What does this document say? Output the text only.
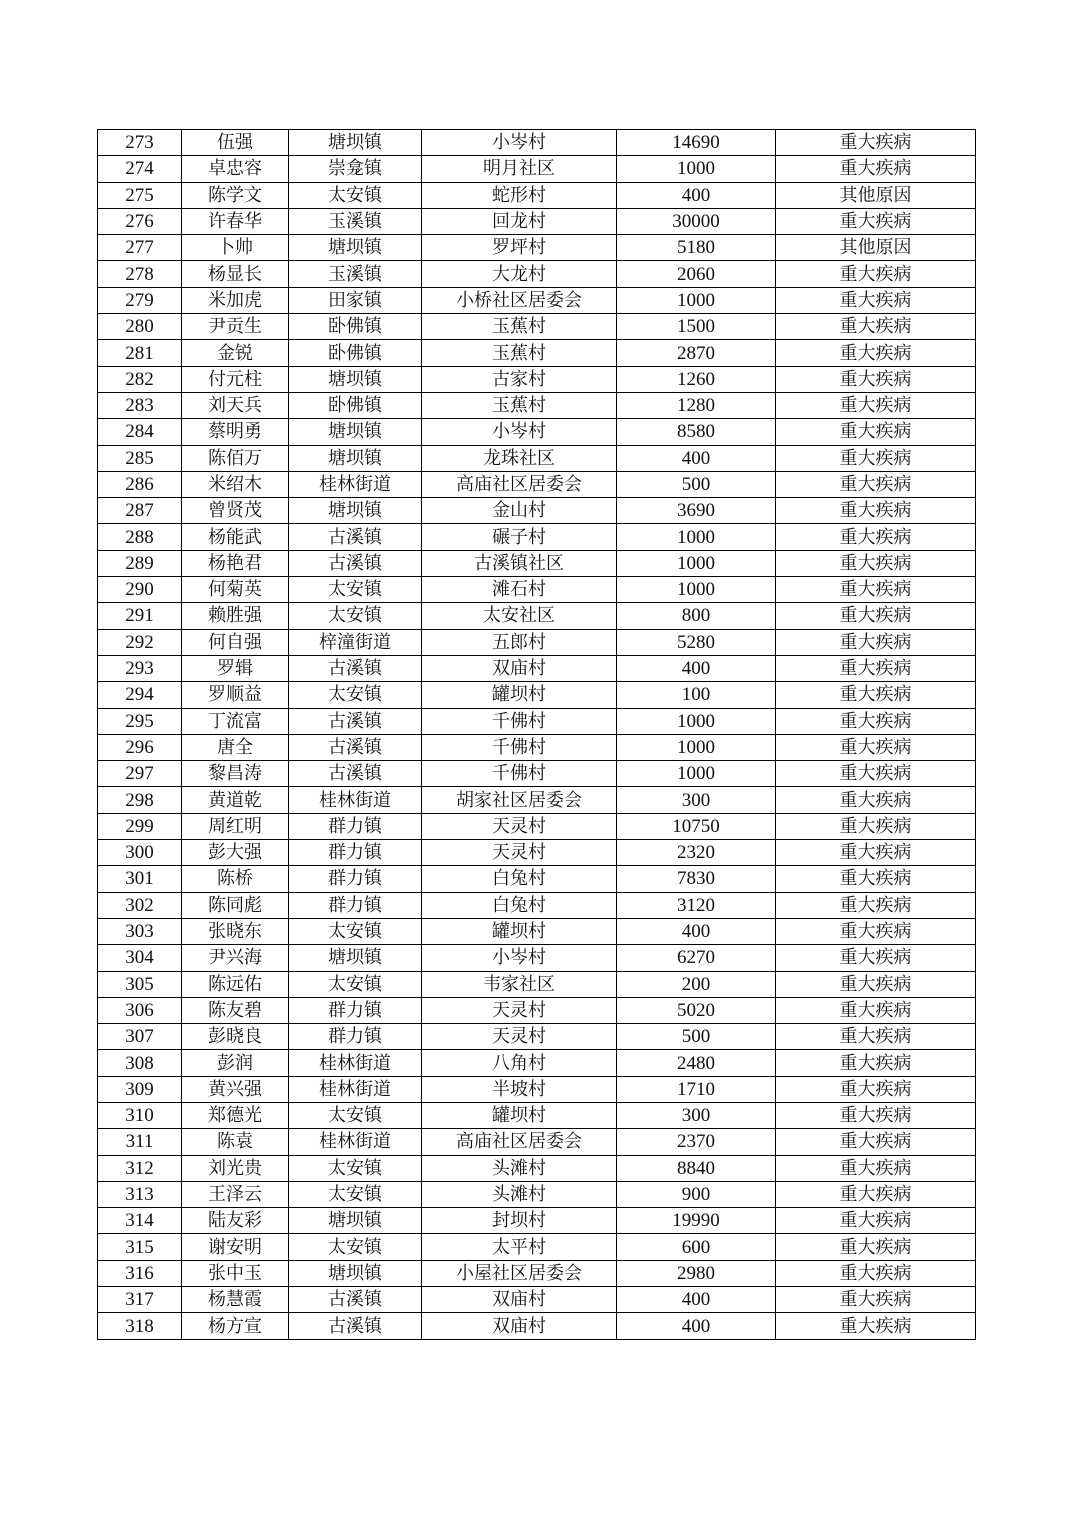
273	伍强	塘坝镇	小岑村	14690	重大疾病
274	卓忠容	崇龛镇	明月社区	1000	重大疾病
275	陈学文	太安镇	蛇形村	400	其他原因
276	许春华	玉溪镇	回龙村	30000	重大疾病
277	卜帅	塘坝镇	罗坪村	5180	其他原因
278	杨显长	玉溪镇	大龙村	2060	重大疾病
279	米加虎	田家镇	小桥社区居委会	1000	重大疾病
280	尹贡生	卧佛镇	玉蕉村	1500	重大疾病
281	金锐	卧佛镇	玉蕉村	2870	重大疾病
282	付元柱	塘坝镇	古家村	1260	重大疾病
283	刘天兵	卧佛镇	玉蕉村	1280	重大疾病
284	蔡明勇	塘坝镇	小岑村	8580	重大疾病
285	陈佰万	塘坝镇	龙珠社区	400	重大疾病
286	米绍木	桂林街道	高庙社区居委会	500	重大疾病
287	曾贤茂	塘坝镇	金山村	3690	重大疾病
288	杨能武	古溪镇	碾子村	1000	重大疾病
289	杨艳君	古溪镇	古溪镇社区	1000	重大疾病
290	何菊英	太安镇	滩石村	1000	重大疾病
291	赖胜强	太安镇	太安社区	800	重大疾病
292	何自强	梓潼街道	五郎村	5280	重大疾病
293	罗辑	古溪镇	双庙村	400	重大疾病
294	罗顺益	太安镇	罐坝村	100	重大疾病
295	丁流富	古溪镇	千佛村	1000	重大疾病
296	唐全	古溪镇	千佛村	1000	重大疾病
297	黎昌涛	古溪镇	千佛村	1000	重大疾病
298	黄道乾	桂林街道	胡家社区居委会	300	重大疾病
299	周红明	群力镇	天灵村	10750	重大疾病
300	彭大强	群力镇	天灵村	2320	重大疾病
301	陈桥	群力镇	白兔村	7830	重大疾病
302	陈同彪	群力镇	白兔村	3120	重大疾病
303	张晓东	太安镇	罐坝村	400	重大疾病
304	尹兴海	塘坝镇	小岑村	6270	重大疾病
305	陈远佑	太安镇	韦家社区	200	重大疾病
306	陈友碧	群力镇	天灵村	5020	重大疾病
307	彭晓良	群力镇	天灵村	500	重大疾病
308	彭润	桂林街道	八角村	2480	重大疾病
309	黄兴强	桂林街道	半坡村	1710	重大疾病
310	郑德光	太安镇	罐坝村	300	重大疾病
311	陈袁	桂林街道	高庙社区居委会	2370	重大疾病
312	刘光贵	太安镇	头滩村	8840	重大疾病
313	王泽云	太安镇	头滩村	900	重大疾病
314	陆友彩	塘坝镇	封坝村	19990	重大疾病
315	谢安明	太安镇	太平村	600	重大疾病
316	张中玉	塘坝镇	小屋社区居委会	2980	重大疾病
317	杨慧霞	古溪镇	双庙村	400	重大疾病
318	杨方宣	古溪镇	双庙村	400	重大疾病
